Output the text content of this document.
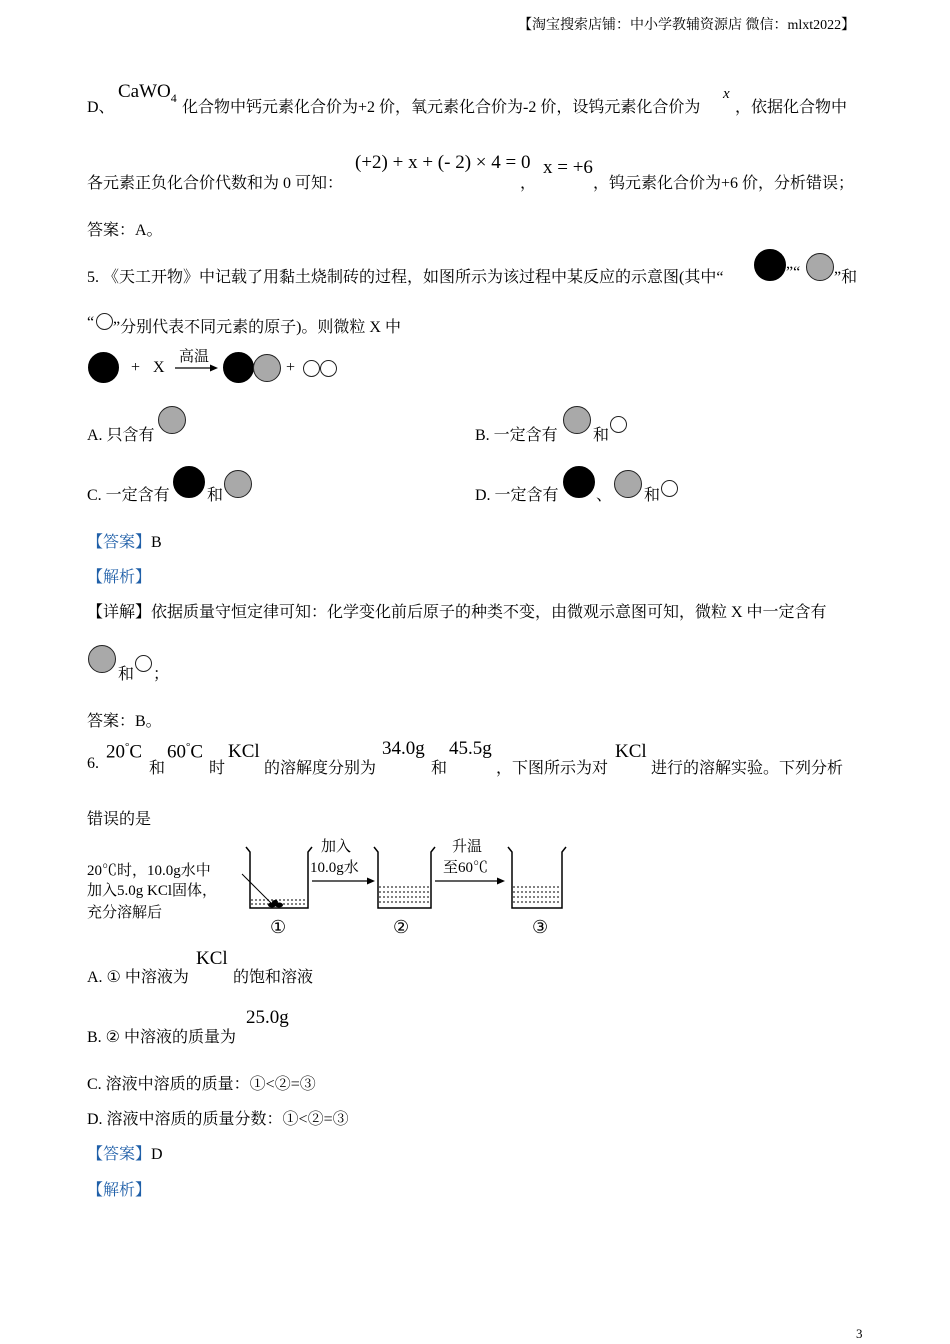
【淘宝搜索店铺：中小学教辅资源店 微信：mlxt2022】
D、
CaWO$_4$
化合物中钙元素化合价为+2 价，氧元素化合价为-2 价，设钨元素化合价为
x
，依据化合物中
各元素正负化合价代数和为 0 可知：
(+2) + x + (- 2) × 4 = 0
，
x = +6
，钨元素化合价为+6 价，分析错误；
答案：A。
5. 《天工开物》中记载了用黏土烧制砖的过程，如图所示为该过程中某反应的示意图(其中“	”“ ”和
“ ”分别代表不同元素的原子)。则微粒 X 中
+ X
高温
+
A. 只含有	B. 一定含有 和
C. 一定含有 和	D. 一定含有 、 和
【答案】B
【解析】
【详解】依据质量守恒定律可知：化学变化前后原子的种类不变，由微观示意图可知，微粒 X 中一定含有
和 ；
答案：B。
6.
20°C
和
60°C
时
KCl
的溶解度分别为
34.0g
和
45.5g
，下图所示为对
KCl
进行的溶解实验。下列分析
错误的是
20℃时，10.0g水中
加入5.0g KCl固体，
充分溶解后
①
加入
10.0g水
②
升温
至60℃
③
A. ① 中溶液为
KCl
的饱和溶液
B. ② 中溶液的质量为
25.0g
C. 溶液中溶质的质量：①<②=③
D. 溶液中溶质的质量分数：①<②=③
【答案】D
【解析】
3
